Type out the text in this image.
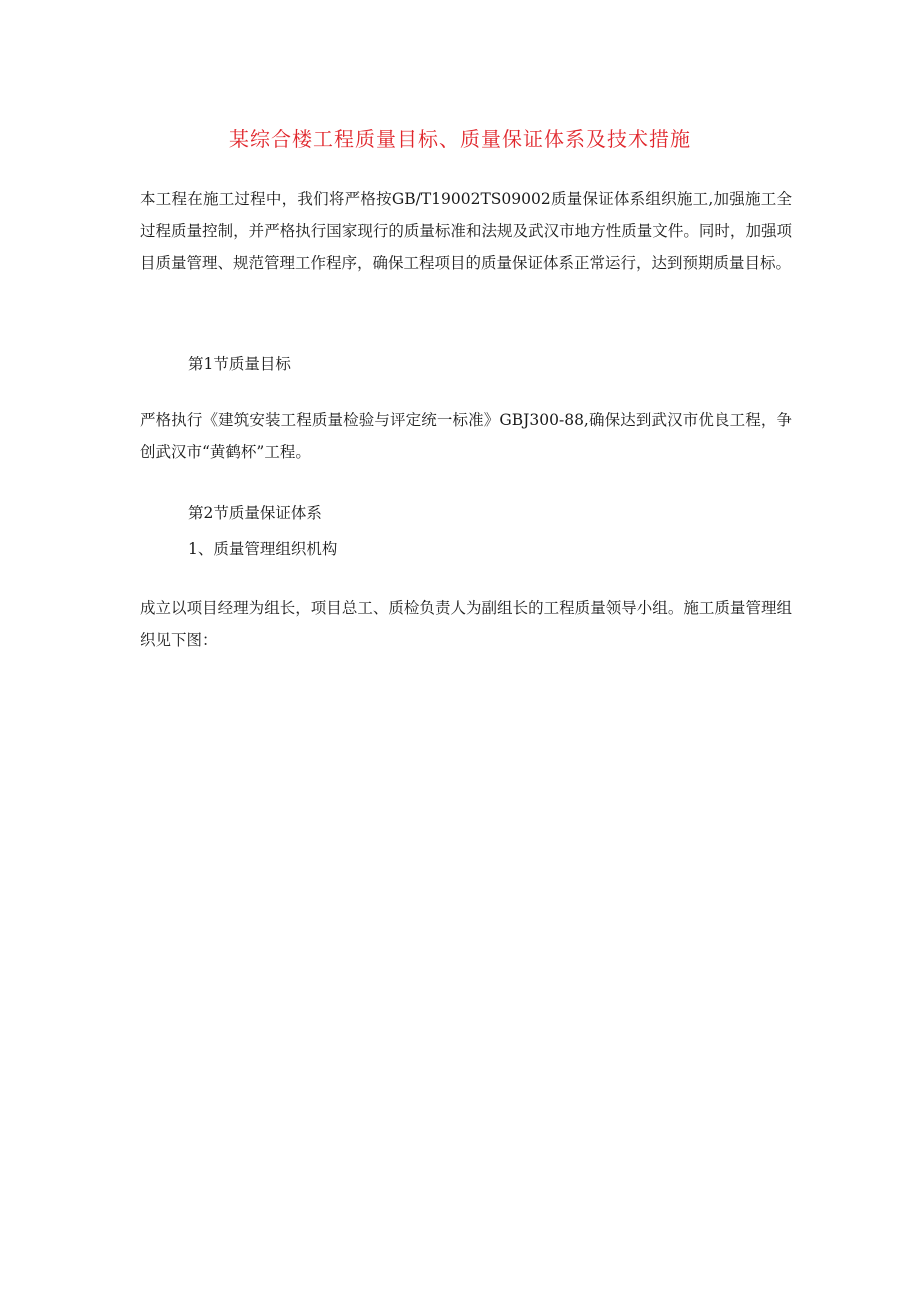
某综合楼工程质量目标、质量保证体系及技术措施

本工程在施工过程中，我们将严格按GB/T19002TS09002质量保证体系组织施工,加强施工全过程质量控制，并严格执行国家现行的质量标准和法规及武汉市地方性质量文件。同时，加强项目质量管理、规范管理工作程序，确保工程项目的质量保证体系正常运行，达到预期质量目标。

第1节质量目标

严格执行《建筑安装工程质量检验与评定统一标准》GBJ300-88,确保达到武汉市优良工程，争创武汉市“黄鹤杯”工程。

第2节质量保证体系
1、质量管理组织机构

成立以项目经理为组长，项目总工、质检负责人为副组长的工程质量领导小组。施工质量管理组织见下图：
